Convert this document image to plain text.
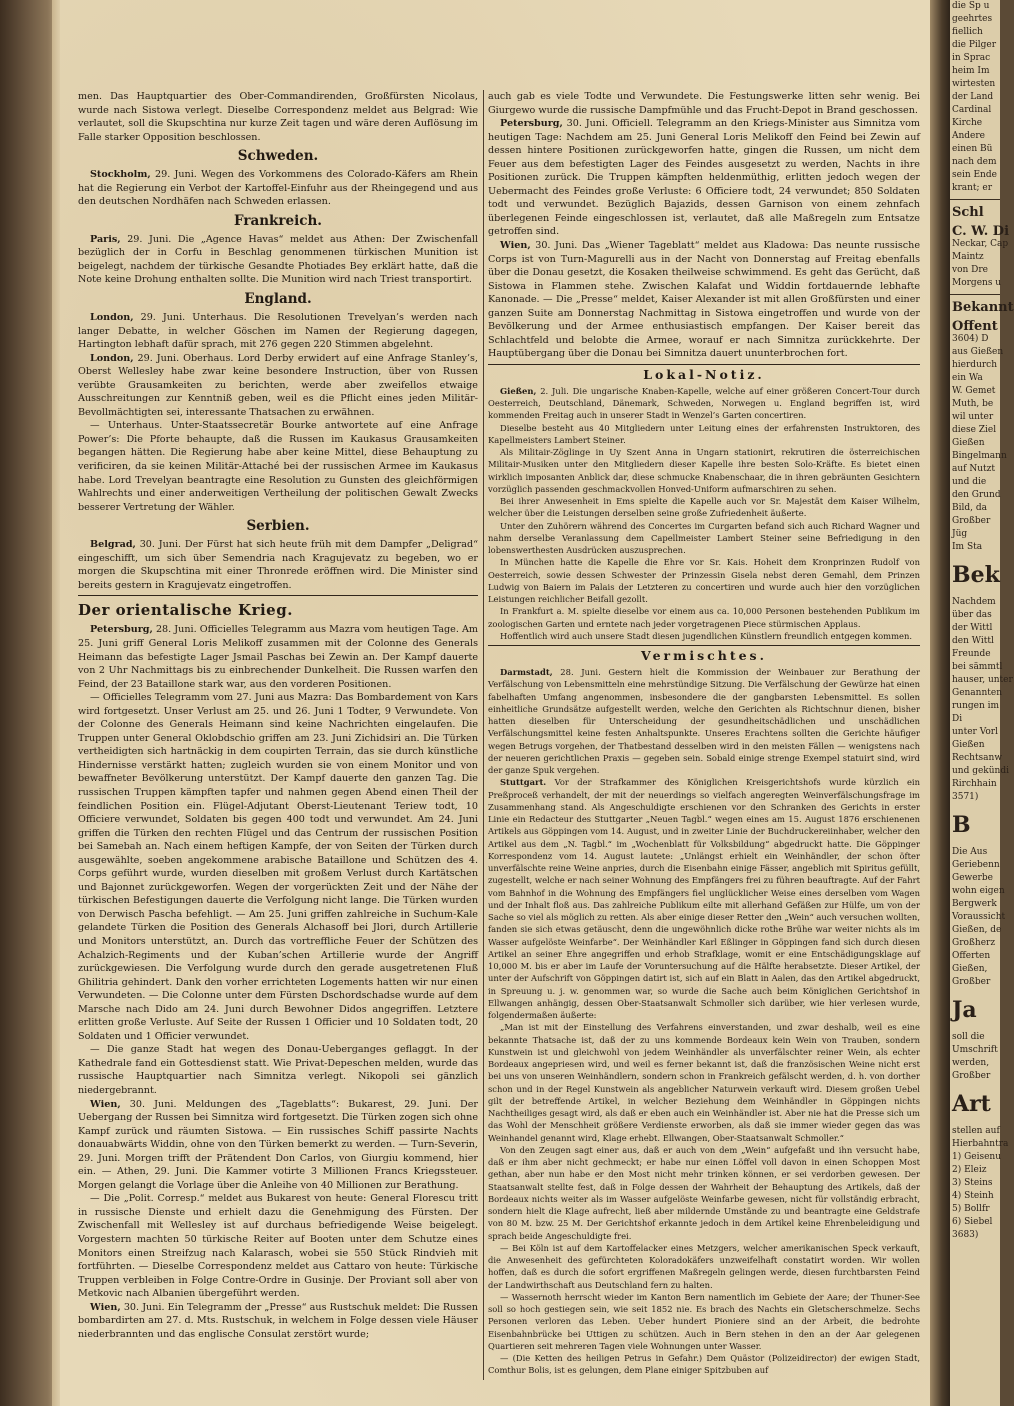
men. Das Hauptquartier des Ober-Commandirenden, Großfürsten Nicolaus, wurde nach Sistowa verlegt. Dieselbe Correspondenz meldet aus Belgrad: Wie verlautet, soll die Skupschtina nur kurze Zeit tagen und wäre deren Auflösung im Falle starker Opposition beschlossen.

Schweden.

Stockholm, 29. Juni. Wegen des Vorkommens des Colorado-Käfers am Rhein hat die Regierung ein Verbot der Kartoffel-Einfuhr aus der Rheingegend und aus den deutschen Nordhäfen nach Schweden erlassen.

Frankreich.

Paris, 29. Juni. Die „Agence Havas“ meldet aus Athen: Der Zwischenfall bezüglich der in Corfu in Beschlag genommenen türkischen Munition ist beigelegt, nachdem der türkische Gesandte Photiades Bey erklärt hatte, daß die Note keine Drohung enthalten sollte. Die Munition wird nach Triest transportirt.

England.

London, 29. Juni. Unterhaus. Die Resolutionen Trevelyan’s werden nach langer Debatte, in welcher Göschen im Namen der Regierung dagegen, Hartington lebhaft dafür sprach, mit 276 gegen 220 Stimmen abgelehnt.

London, 29. Juni. Oberhaus. Lord Derby erwidert auf eine Anfrage Stanley’s, Oberst Wellesley habe zwar keine besondere Instruction, über von Russen verübte Grausamkeiten zu berichten, werde aber zweifellos etwaige Ausschreitungen zur Kenntniß geben, weil es die Pflicht eines jeden Militär-Bevollmächtigten sei, interessante Thatsachen zu erwähnen.

— Unterhaus. Unter-Staatssecretär Bourke antwortete auf eine Anfrage Power’s: Die Pforte behaupte, daß die Russen im Kaukasus Grausamkeiten begangen hätten. Die Regierung habe aber keine Mittel, diese Behauptung zu verificiren, da sie keinen Militär-Attaché bei der russischen Armee im Kaukasus habe. Lord Trevelyan beantragte eine Resolution zu Gunsten des gleichförmigen Wahlrechts und einer anderweitigen Vertheilung der politischen Gewalt Zwecks besserer Vertretung der Wähler.

Serbien.

Belgrad, 30. Juni. Der Fürst hat sich heute früh mit dem Dampfer „Deligrad“ eingeschifft, um sich über Semendria nach Kragujevatz zu begeben, wo er morgen die Skupschtina mit einer Thronrede eröffnen wird. Die Minister sind bereits gestern in Kragujevatz eingetroffen.

Der orientalische Krieg.

Petersburg, 28. Juni. Officielles Telegramm aus Mazra vom heutigen Tage. Am 25. Juni griff General Loris Melikoff zusammen mit der Colonne des Generals Heimann das befestigte Lager Jsmail Paschas bei Zewin an. Der Kampf dauerte von 2 Uhr Nachmittags bis zu einbrechender Dunkelheit. Die Russen warfen den Feind, der 23 Bataillone stark war, aus den vorderen Positionen.

— Officielles Telegramm vom 27. Juni aus Mazra: Das Bombardement von Kars wird fortgesetzt. Unser Verlust am 25. und 26. Juni 1 Todter, 9 Verwundete. Von der Colonne des Generals Heimann sind keine Nachrichten eingelaufen. Die Truppen unter General Oklobdschio griffen am 23. Juni Zichidsiri an. Die Türken vertheidigten sich hartnäckig in dem coupirten Terrain, das sie durch künstliche Hindernisse verstärkt hatten; zugleich wurden sie von einem Monitor und von bewaffneter Bevölkerung unterstützt. Der Kampf dauerte den ganzen Tag. Die russischen Truppen kämpften tapfer und nahmen gegen Abend einen Theil der feindlichen Position ein. Flügel-Adjutant Oberst-Lieutenant Teriew todt, 10 Officiere verwundet, Soldaten bis gegen 400 todt und verwundet. Am 24. Juni griffen die Türken den rechten Flügel und das Centrum der russischen Position bei Samebah an. Nach einem heftigen Kampfe, der von Seiten der Türken durch ausgewählte, soeben angekommene arabische Bataillone und Schützen des 4. Corps geführt wurde, wurden dieselben mit großem Verlust durch Kartätschen und Bajonnet zurückgeworfen. Wegen der vorgerückten Zeit und der Nähe der türkischen Befestigungen dauerte die Verfolgung nicht lange. Die Türken wurden von Derwisch Pascha befehligt. — Am 25. Juni griffen zahlreiche in Suchum-Kale gelandete Türken die Position des Generals Alchasoff bei Jlori, durch Artillerie und Monitors unterstützt, an. Durch das vortreffliche Feuer der Schützen des Achalzich-Regiments und der Kuban’schen Artillerie wurde der Angriff zurückgewiesen. Die Verfolgung wurde durch den gerade ausgetretenen Fluß Ghilitria gehindert. Dank den vorher errichteten Logements hatten wir nur einen Verwundeten. — Die Colonne unter dem Fürsten Dschordschadse wurde auf dem Marsche nach Dido am 24. Juni durch Bewohner Didos angegriffen. Letztere erlitten große Verluste. Auf Seite der Russen 1 Officier und 10 Soldaten todt, 20 Soldaten und 1 Officier verwundet.

— Die ganze Stadt hat wegen des Donau-Ueberganges geflaggt. In der Kathedrale fand ein Gottesdienst statt. Wie Privat-Depeschen melden, wurde das russische Hauptquartier nach Simnitza verlegt. Nikopoli sei gänzlich niedergebrannt.

Wien, 30. Juni. Meldungen des „Tageblatts“: Bukarest, 29. Juni. Der Uebergang der Russen bei Simnitza wird fortgesetzt. Die Türken zogen sich ohne Kampf zurück und räumten Sistowa. — Ein russisches Schiff passirte Nachts donauabwärts Widdin, ohne von den Türken bemerkt zu werden. — Turn-Severin, 29. Juni. Morgen trifft der Prätendent Don Carlos, von Giurgiu kommend, hier ein. — Athen, 29. Juni. Die Kammer votirte 3 Millionen Francs Kriegssteuer. Morgen gelangt die Vorlage über die Anleihe von 40 Millionen zur Berathung.

— Die „Polit. Corresp.“ meldet aus Bukarest von heute: General Florescu tritt in russische Dienste und erhielt dazu die Genehmigung des Fürsten. Der Zwischenfall mit Wellesley ist auf durchaus befriedigende Weise beigelegt. Vorgestern machten 50 türkische Reiter auf Booten unter dem Schutze eines Monitors einen Streifzug nach Kalarasch, wobei sie 550 Stück Rindvieh mit fortführten. — Dieselbe Correspondenz meldet aus Cattaro von heute: Türkische Truppen verbleiben in Folge Contre-Ordre in Gusinje. Der Proviant soll aber von Metkovic nach Albanien übergeführt werden.

Wien, 30. Juni. Ein Telegramm der „Presse“ aus Rustschuk meldet: Die Russen bombardirten am 27. d. Mts. Rustschuk, in welchem in Folge dessen viele Häuser niederbrannten und das englische Consulat zerstört wurde;

auch gab es viele Todte und Verwundete. Die Festungswerke litten sehr wenig. Bei Giurgewo wurde die russische Dampfmühle und das Frucht-Depot in Brand geschossen.

Petersburg, 30. Juni. Officiell. Telegramm an den Kriegs-Minister aus Simnitza vom heutigen Tage: Nachdem am 25. Juni General Loris Melikoff den Feind bei Zewin auf dessen hintere Positionen zurückgeworfen hatte, gingen die Russen, um nicht dem Feuer aus dem befestigten Lager des Feindes ausgesetzt zu werden, Nachts in ihre Positionen zurück. Die Truppen kämpften heldenmüthig, erlitten jedoch wegen der Uebermacht des Feindes große Verluste: 6 Officiere todt, 24 verwundet; 850 Soldaten todt und verwundet. Bezüglich Bajazids, dessen Garnison von einem zehnfach überlegenen Feinde eingeschlossen ist, verlautet, daß alle Maßregeln zum Entsatze getroffen sind.

Wien, 30. Juni. Das „Wiener Tageblatt“ meldet aus Kladowa: Das neunte russische Corps ist von Turn-Magurelli aus in der Nacht von Donnerstag auf Freitag ebenfalls über die Donau gesetzt, die Kosaken theilweise schwimmend. Es geht das Gerücht, daß Sistowa in Flammen stehe. Zwischen Kalafat und Widdin fortdauernde lebhafte Kanonade. — Die „Presse“ meldet, Kaiser Alexander ist mit allen Großfürsten und einer ganzen Suite am Donnerstag Nachmittag in Sistowa eingetroffen und wurde von der Bevölkerung und der Armee enthusiastisch empfangen. Der Kaiser bereit das Schlachtfeld und belobte die Armee, worauf er nach Simnitza zurückkehrte. Der Hauptübergang über die Donau bei Simnitza dauert ununterbrochen fort.

Lokal-Notiz.

Gießen, 2. Juli. Die ungarische Knaben-Kapelle, welche auf einer größeren Concert-Tour durch Oesterreich, Deutschland, Dänemark, Schweden, Norwegen u. England begriffen ist, wird kommenden Freitag auch in unserer Stadt in Wenzel’s Garten concertiren.

Dieselbe besteht aus 40 Mitgliedern unter Leitung eines der erfahrensten Instruktoren, des Kapellmeisters Lambert Steiner.

Als Militair-Zöglinge in Uy Szent Anna in Ungarn stationirt, rekrutiren die österreichischen Militair-Musiken unter den Mitgliedern dieser Kapelle ihre besten Solo-Kräfte. Es bietet einen wirklich imposanten Anblick dar, diese schmucke Knabenschaar, die in ihren gebräunten Gesichtern vorzüglich passenden geschmackvollen Honved-Uniform aufmarschiren zu sehen.

Bei ihrer Anwesenheit in Ems spielte die Kapelle auch vor Sr. Majestät dem Kaiser Wilhelm, welcher über die Leistungen derselben seine große Zufriedenheit äußerte.

Unter den Zuhörern während des Concertes im Curgarten befand sich auch Richard Wagner und nahm derselbe Veranlassung dem Capellmeister Lambert Steiner seine Befriedigung in den lobenswerthesten Ausdrücken auszusprechen.

In München hatte die Kapelle die Ehre vor Sr. Kais. Hoheit dem Kronprinzen Rudolf von Oesterreich, sowie dessen Schwester der Prinzessin Gisela nebst deren Gemahl, dem Prinzen Ludwig von Baiern im Palais der Letzteren zu concertiren und wurde auch hier den vorzüglichen Leistungen reichlicher Beifall gezollt.

In Frankfurt a. M. spielte dieselbe vor einem aus ca. 10,000 Personen bestehenden Publikum im zoologischen Garten und erntete nach jeder vorgetragenen Piece stürmischen Applaus.

Hoffentlich wird auch unsere Stadt diesen jugendlichen Künstlern freundlich entgegen kommen.

Vermischtes.

Darmstadt, 28. Juni. Gestern hielt die Kommission der Weinbauer zur Berathung der Verfälschung von Lebensmitteln eine mehrstündige Sitzung. Die Verfälschung der Gewürze hat einen fabelhaften Umfang angenommen, insbesondere die der gangbarsten Lebensmittel. Es sollen einheitliche Grundsätze aufgestellt werden, welche den Gerichten als Richtschnur dienen, bisher hatten dieselben für Unterscheidung der gesundheitschädlichen und unschädlichen Verfälschungsmittel keine festen Anhaltspunkte. Unseres Erachtens sollten die Gerichte häufiger wegen Betrugs vorgehen, der Thatbestand desselben wird in den meisten Fällen — wenigstens nach der neueren gerichtlichen Praxis — gegeben sein. Sobald einige strenge Exempel statuirt sind, wird der ganze Spuk vergehen.

Stuttgart. Vor der Strafkammer des Königlichen Kreisgerichtshofs wurde kürzlich ein Preßproceß verhandelt, der mit der neuerdings so vielfach angeregten Weinverfälschungsfrage im Zusammenhang stand. Als Angeschuldigte erschienen vor den Schranken des Gerichts in erster Linie ein Redacteur des Stuttgarter „Neuen Tagbl.“ wegen eines am 15. August 1876 erschienenen Artikels aus Göppingen vom 14. August, und in zweiter Linie der Buchdruckereiinhaber, welcher den Artikel aus dem „N. Tagbl.“ im „Wochenblatt für Volksbildung“ abgedruckt hatte. Die Göppinger Korrespondenz vom 14. August lautete: „Unlängst erhielt ein Weinhändler, der schon öfter unverfälschte reine Weine anpries, durch die Eisenbahn einige Fässer, angeblich mit Spiritus gefüllt, zugestellt, welche er nach seiner Wohnung des Empfängers frei zu führen beauftragte. Auf der Fahrt vom Bahnhof in die Wohnung des Empfängers fiel unglücklicher Weise eines derselben vom Wagen und der Inhalt floß aus. Das zahlreiche Publikum eilte mit allerhand Gefäßen zur Hülfe, um von der Sache so viel als möglich zu retten. Als aber einige dieser Retter den „Wein“ auch versuchen wollten, fanden sie sich etwas getäuscht, denn die ungewöhnlich dicke rothe Brühe war weiter nichts als im Wasser aufgelöste Weinfarbe“. Der Weinhändler Karl Eßlinger in Göppingen fand sich durch diesen Artikel an seiner Ehre angegriffen und erhob Strafklage, womit er eine Entschädigungsklage auf 10,000 M. bis er aber im Laufe der Voruntersuchung auf die Hälfte herabsetzte. Dieser Artikel, der unter der Aufschrift von Göppingen datirt ist, sich auf ein Blatt in Aalen, das den Artikel abgedruckt, in Spreuung u. j. w. genommen war, so wurde die Sache auch beim Königlichen Gerichtshof in Ellwangen anhängig, dessen Ober-Staatsanwalt Schmoller sich darüber, wie hier verlesen wurde, folgendermaßen äußerte:

„Man ist mit der Einstellung des Verfahrens einverstanden, und zwar deshalb, weil es eine bekannte Thatsache ist, daß der zu uns kommende Bordeaux kein Wein von Trauben, sondern Kunstwein ist und gleichwohl von jedem Weinhändler als unverfälschter reiner Wein, als echter Bordeaux angepriesen wird, und weil es ferner bekannt ist, daß die französischen Weine nicht erst bei uns von unseren Weinhändlern, sondern schon in Frankreich gefälscht werden, d. h. von dorther schon und in der Regel Kunstwein als angeblicher Naturwein verkauft wird. Diesem großen Uebel gilt der betreffende Artikel, in welcher Beziehung dem Weinhändler in Göppingen nichts Nachtheiliges gesagt wird, als daß er eben auch ein Weinhändler ist. Aber nie hat die Presse sich um das Wohl der Menschheit größere Verdienste erworben, als daß sie immer wieder gegen das was Weinhandel genannt wird, Klage erhebt. Ellwangen, Ober-Staatsanwalt Schmoller.“

Von den Zeugen sagt einer aus, daß er auch von dem „Wein“ aufgefaßt und ihn versucht habe, daß er ihm aber nicht gechmeckt; er habe nur einen Löffel voll davon in einen Schoppen Most gethan, aber nun habe er den Most nicht mehr trinken können, er sei verdorben gewesen. Der Staatsanwalt stellte fest, daß in Folge dessen der Wahrheit der Behauptung des Artikels, daß der Bordeaux nichts weiter als im Wasser aufgelöste Weinfarbe gewesen, nicht für vollständig erbracht, sondern hielt die Klage aufrecht, ließ aber mildernde Umstände zu und beantragte eine Geldstrafe von 80 M. bzw. 25 M. Der Gerichtshof erkannte jedoch in dem Artikel keine Ehrenbeleidigung und sprach beide Angeschuldigte frei.

— Bei Köln ist auf dem Kartoffelacker eines Metzgers, welcher amerikanischen Speck verkauft, die Anwesenheit des gefürchteten Koloradokäfers unzweifelhaft constatirt worden. Wir wollen hoffen, daß es durch die sofort ergriffenen Maßregeln gelingen werde, diesen furchtbarsten Feind der Landwirthschaft aus Deutschland fern zu halten.

— Wassernoth herrscht wieder im Kanton Bern namentlich im Gebiete der Aare; der Thuner-See soll so hoch gestiegen sein, wie seit 1852 nie. Es brach des Nachts ein Gletscherschmelze. Sechs Personen verloren das Leben. Ueber hundert Pioniere sind an der Arbeit, die bedrohte Eisenbahnbrücke bei Uttigen zu schützen. Auch in Bern stehen in den an der Aar gelegenen Quartieren seit mehreren Tagen viele Wohnungen unter Wasser.

— (Die Ketten des heiligen Petrus in Gefahr.) Dem Quästor (Polizeidirector) der ewigen Stadt, Comthur Bolis, ist es gelungen, dem Plane einiger Spitzbuben auf

die Sp u
geehrtes
fiellich
die Pilger
in Sprac
heim Im
wirtesten
der Land
Cardinal
Kirche
Andere
einen Bü
nach dem
sein Ende
krant; er
Schl
C. W. Di
Neckar, Cap
Maintz
von Dre
Morgens u
Bekannt
Offent
3604) D
aus Gießen
hierdurch
ein Wa
W. Gemet
Muth, be
wil unter
diese Ziel
Gießen
Bingelmann
auf Nutzt
und die
den Grund
Bild, da
Großber
Jüg
Im Sta
Bek
Nachdem
über das
der Wittl
den Wittl
Freunde
bei sämmtl
hauser, unter
Genannten
rungen im
Di
unter Vorl
Gießen
Rechtsanw
und gekündi
Rirchhain
3571)
B
Die Aus
Geriebenn
Gewerbe
wohn eigen
Bergwerk
Voraussicht
Gießen, de
Großherz
Offerten
Gießen,
Großber
Ja
soll die
Umschrift
werden,
Großber
Art
stellen auf
Hierbahntra
1) Geisenu
2) Eleiz
3) Steins
4) Steinh
5) Bollfr
6) Siebel
3683)
